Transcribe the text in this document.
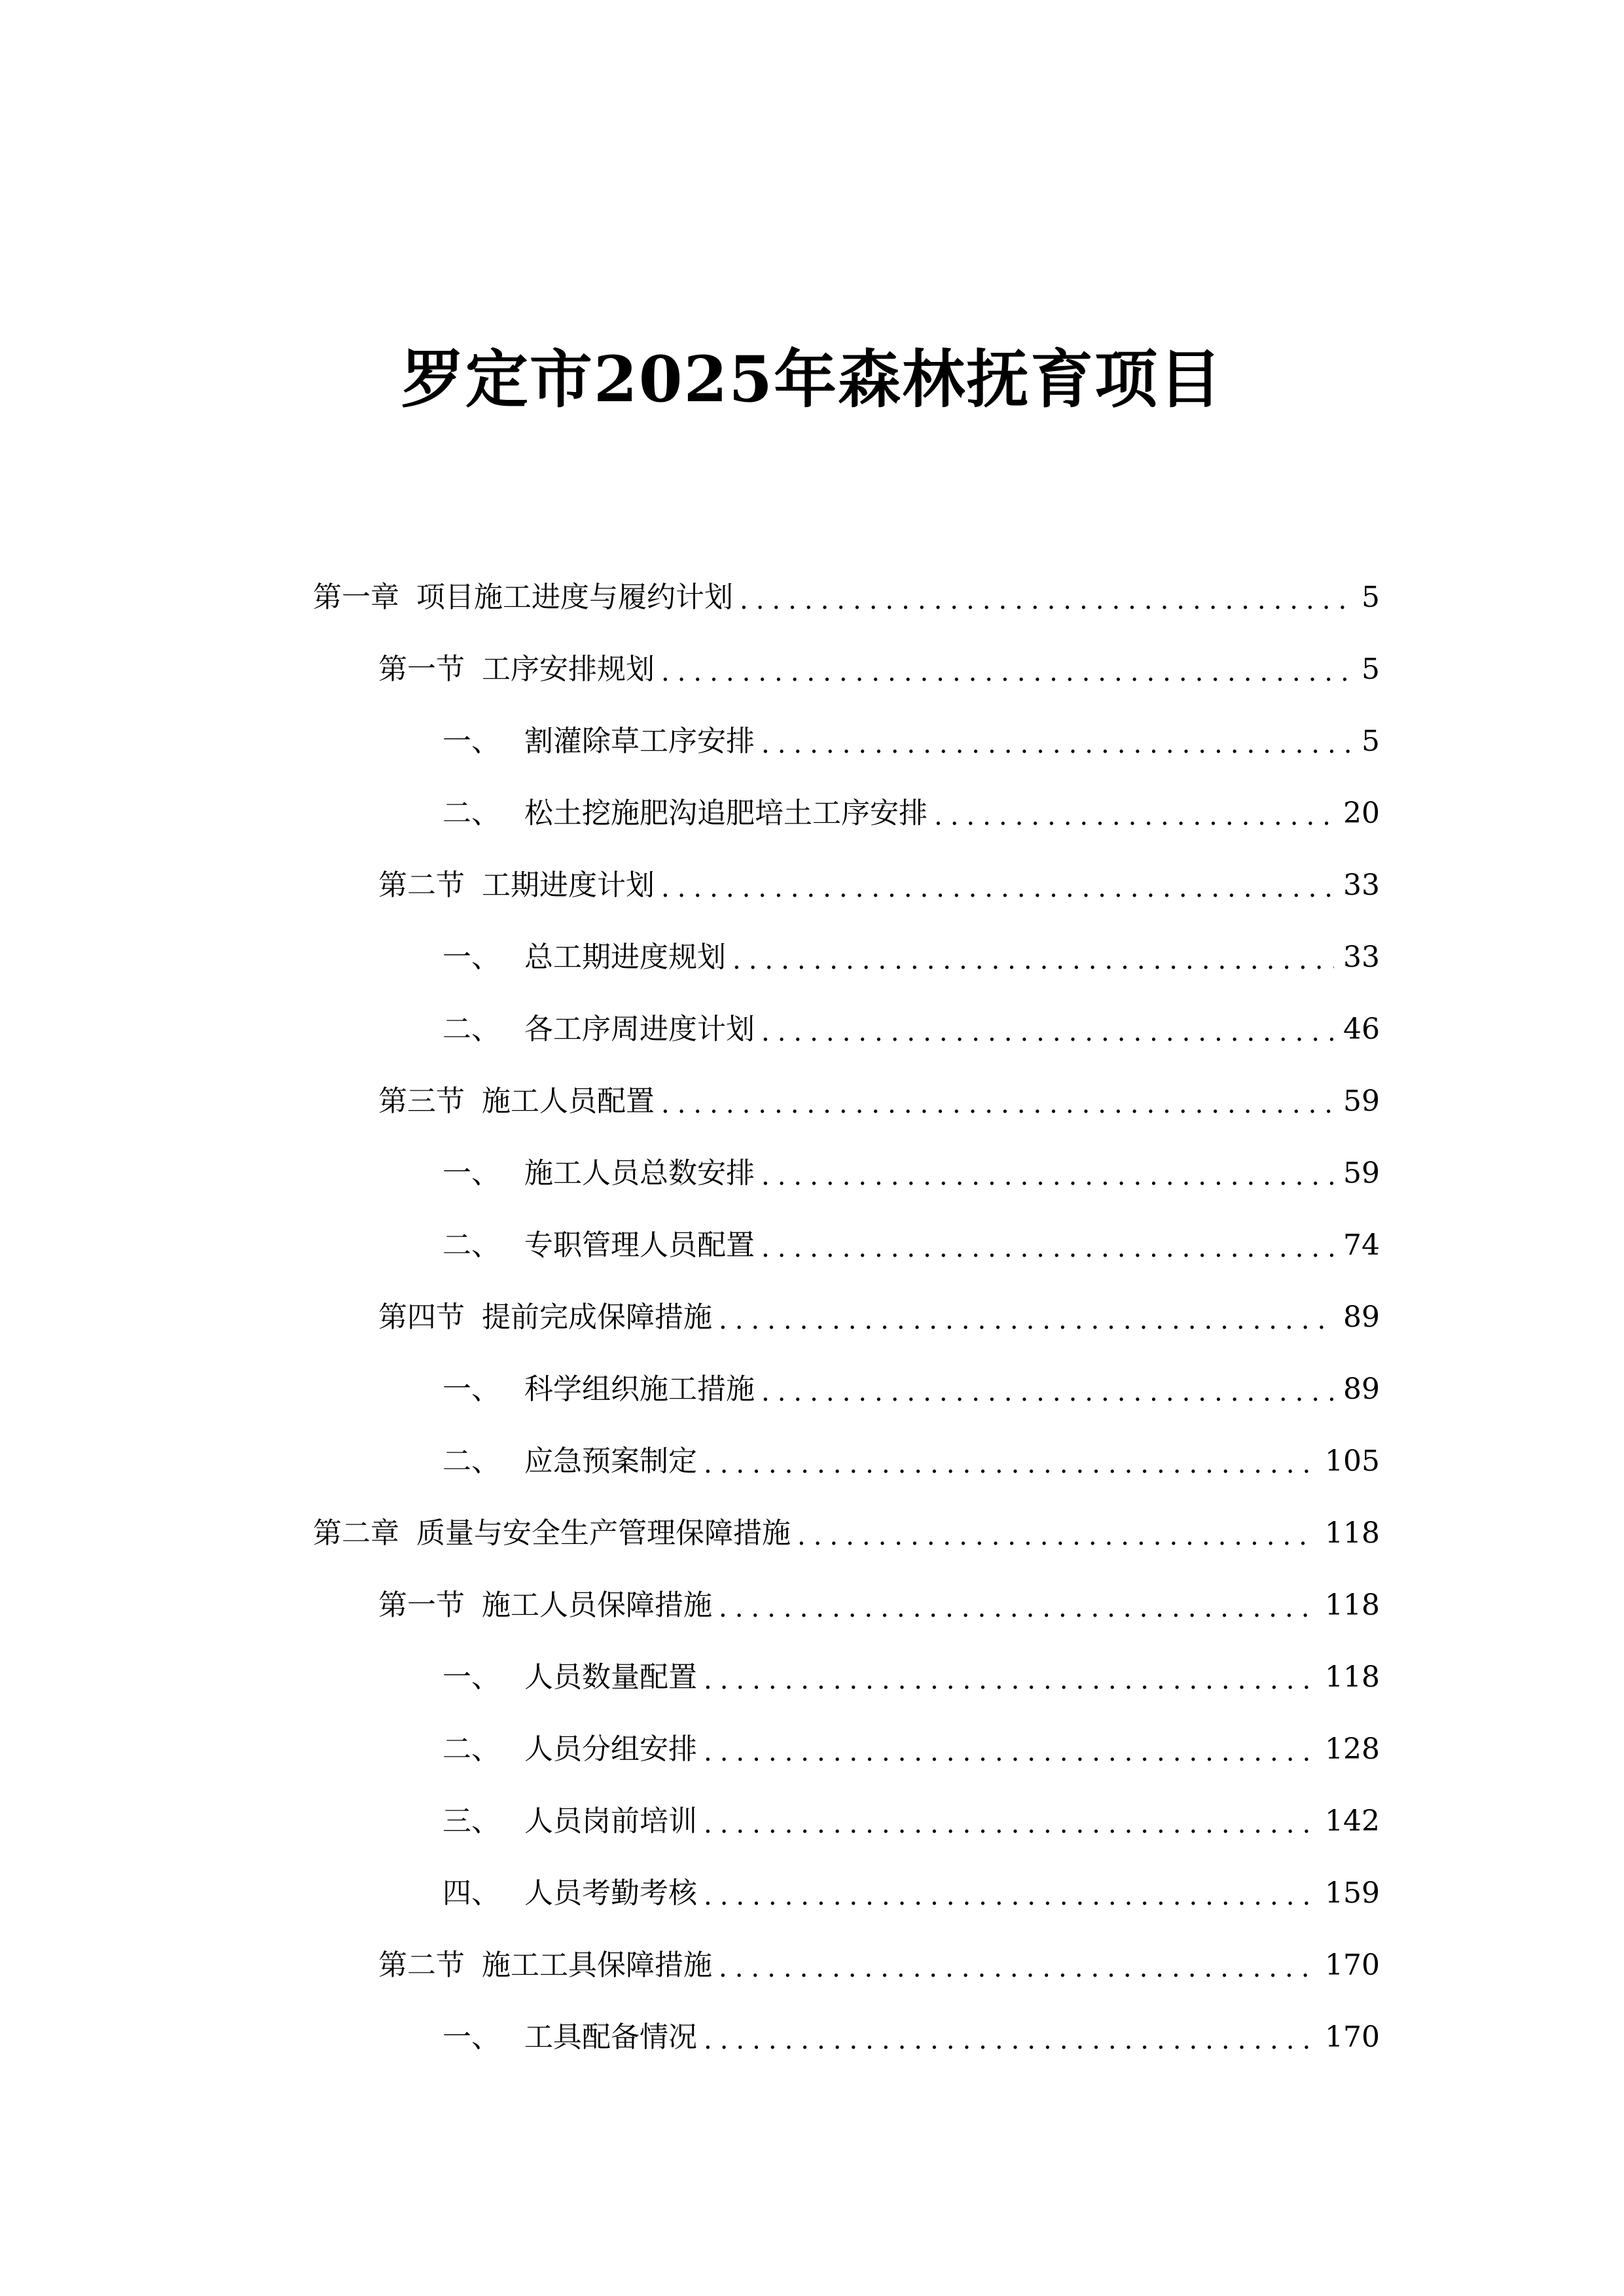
罗定市2025年森林抚育项目
第一章 项目施工进度与履约计划 .....	5
第一节 工序安排规划 .....	5
一、 割灌除草工序安排 .....	5
二、 松土挖施肥沟追肥培土工序安排 .....	20
第二节 工期进度计划 .....	33
一、 总工期进度规划 .....	33
二、 各工序周进度计划 .....	46
第三节 施工人员配置 .....	59
一、 施工人员总数安排 .....	59
二、 专职管理人员配置 .....	74
第四节 提前完成保障措施 .....	89
一、 科学组织施工措施 .....	89
二、 应急预案制定 .....	105
第二章 质量与安全生产管理保障措施 .....	118
第一节 施工人员保障措施 .....	118
一、 人员数量配置 .....	118
二、 人员分组安排 .....	128
三、 人员岗前培训 .....	142
四、 人员考勤考核 .....	159
第二节 施工工具保障措施 .....	170
一、 工具配备情况 .....	170
